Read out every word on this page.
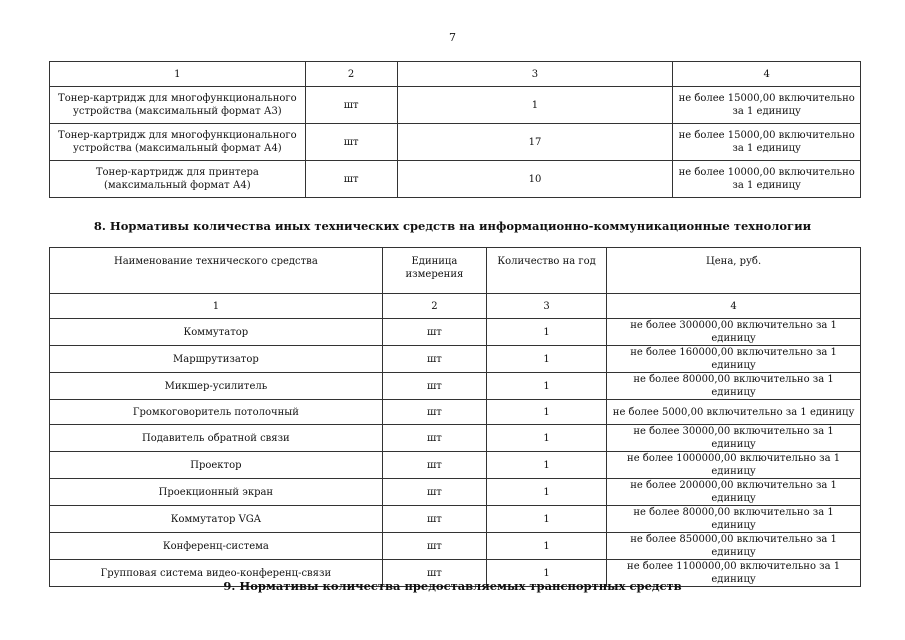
7
1	2	3	4
Тонер-картридж для многофункционального устройства (максимальный формат А3)	шт	1	не более 15000,00 включительно за 1 единицу
Тонер-картридж для многофункционального устройства (максимальный формат А4)	шт	17	не более 15000,00 включительно за 1 единицу
Тонер-картридж для принтера (максимальный формат А4)	шт	10	не более 10000,00 включительно за 1 единицу
8. Нормативы количества иных технических средств на информационно-коммуникационные технологии
Наименование технического средства	Единица измерения	Количество на год	Цена, руб.
1	2	3	4
Коммутатор	шт	1	не более 300000,00 включительно за 1 единицу
Маршрутизатор	шт	1	не более 160000,00 включительно за 1 единицу
Микшер-усилитель	шт	1	не более 80000,00 включительно за 1 единицу
Громкоговоритель потолочный	шт	1	не более 5000,00 включительно за 1 единицу
Подавитель обратной связи	шт	1	не более 30000,00 включительно за 1 единицу
Проектор	шт	1	не более 1000000,00 включительно за 1 единицу
Проекционный экран	шт	1	не более 200000,00 включительно за 1 единицу
Коммутатор VGA	шт	1	не более 80000,00 включительно за 1 единицу
Конференц-система	шт	1	не более 850000,00 включительно за 1 единицу
Групповая система видео-конференц-связи	шт	1	не более 1100000,00 включительно за 1 единицу
9. Нормативы количества предоставляемых транспортных средств
